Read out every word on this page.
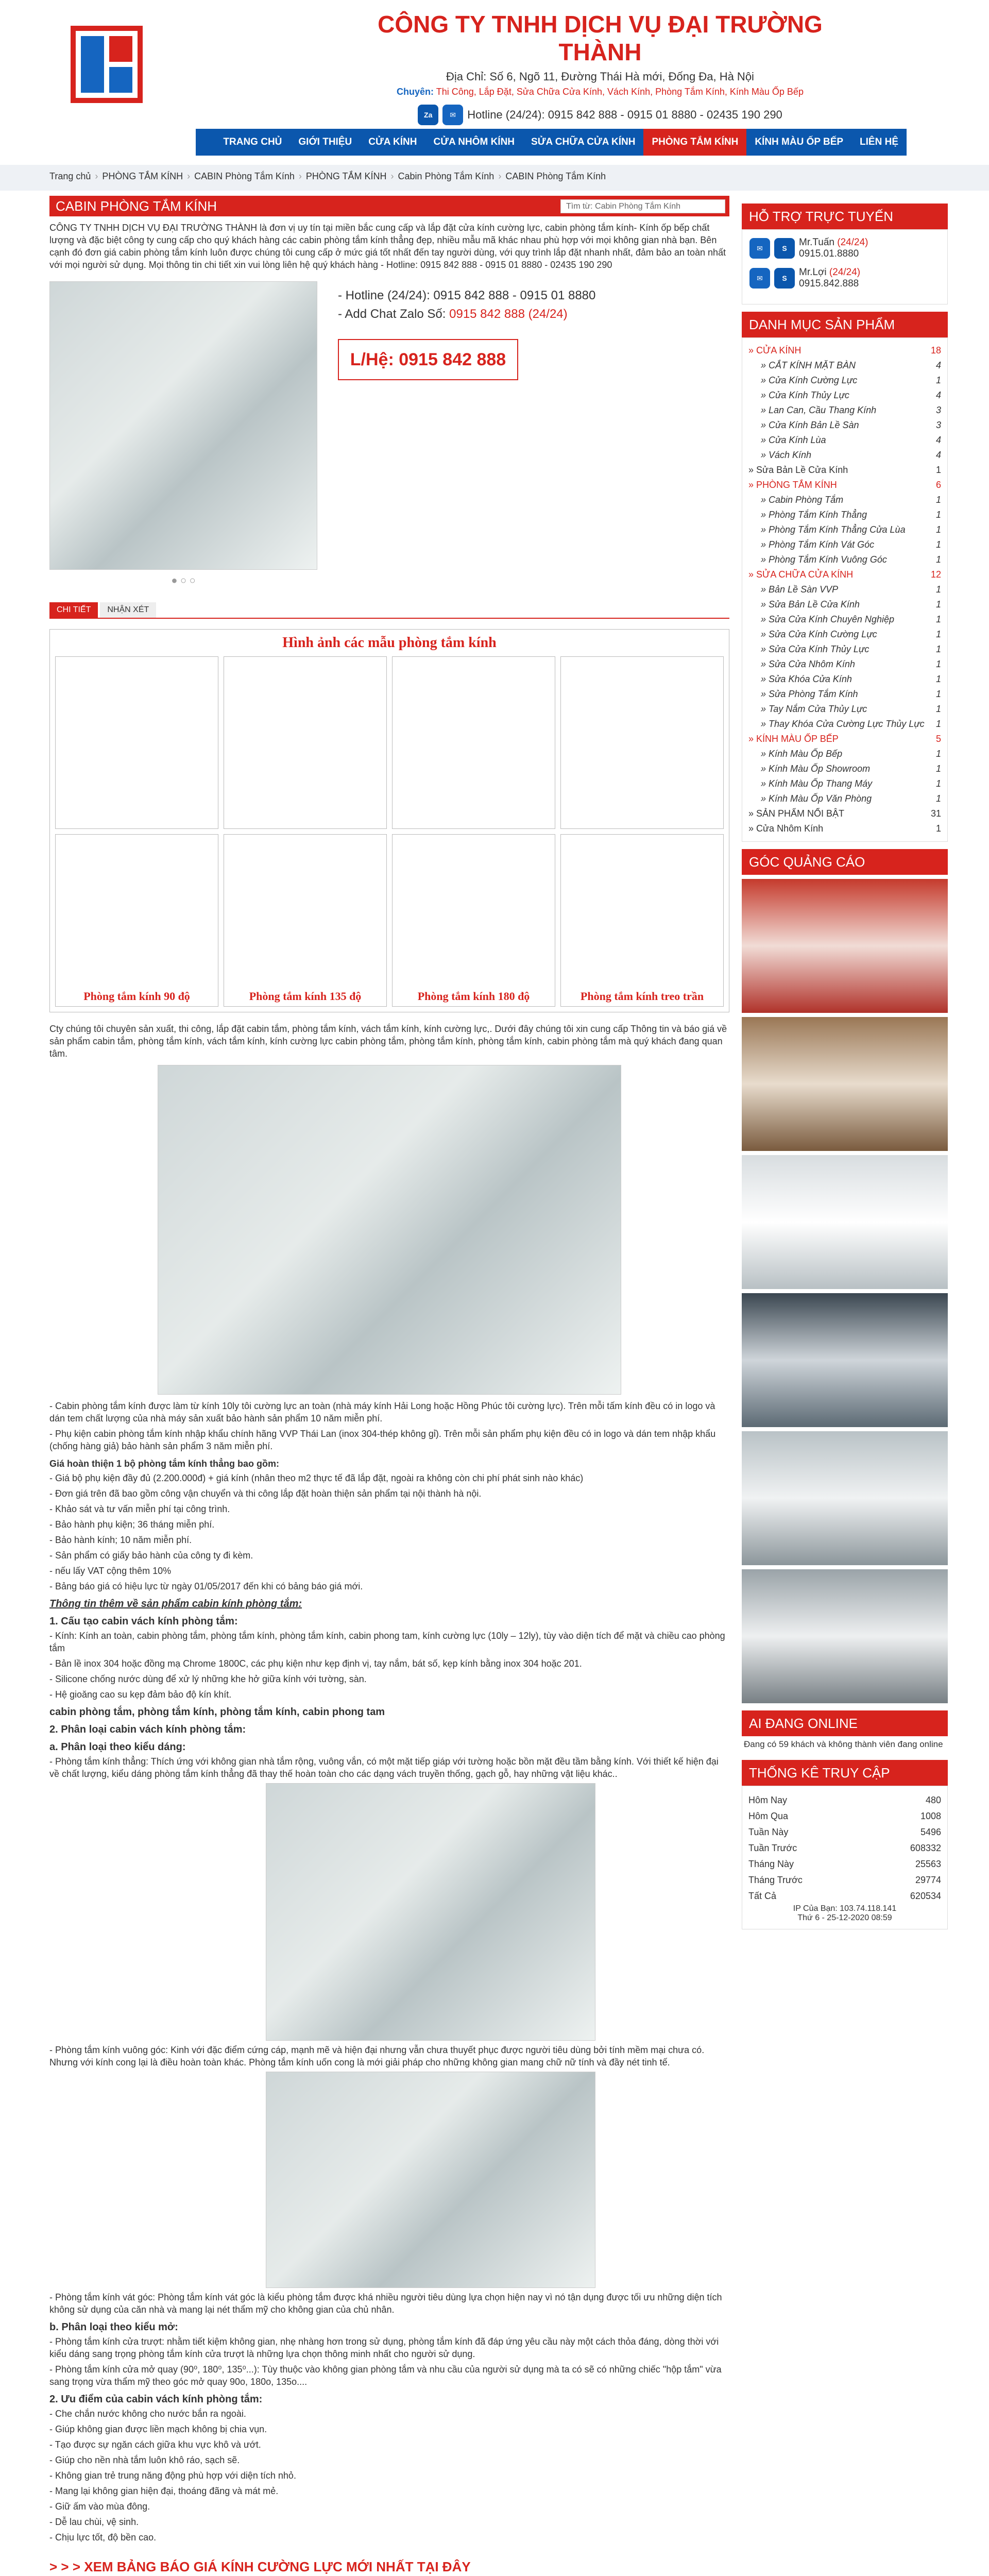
CÔNG TY TNHH DỊCH VỤ ĐẠI TRƯỜNG THÀNH
Địa Chỉ: Số 6, Ngõ 11, Đường Thái Hà mới, Đống Đa, Hà Nội
Chuyên: Thi Công, Lắp Đặt, Sửa Chữa Cửa Kính, Vách Kính, Phòng Tắm Kính, Kính Màu Ốp Bếp
Za	✉	Hotline (24/24): 0915 842 888 - 0915 01 8880 - 02435 190 290
TRANG CHỦ	GIỚI THIỆU	CỬA KÍNH	CỬA NHÔM KÍNH	SỬA CHỮA CỬA KÍNH	PHÒNG TẮM KÍNH	KÍNH MÀU ỐP BẾP	LIÊN HỆ
Trang chủ › PHÒNG TẮM KÍNH › CABIN Phòng Tắm Kính › PHÒNG TẮM KÍNH › Cabin Phòng Tắm Kính › CABIN Phòng Tắm Kính
CABIN PHÒNG TẮM KÍNH	Tìm từ: Cabin Phòng Tắm Kính
CÔNG TY TNHH DỊCH VỤ ĐẠI TRƯỜNG THÀNH là đơn vị uy tín tại miền bắc cung cấp và lắp đặt cửa kính cường lực, cabin phòng tắm kính- Kính ốp bếp chất lượng và đặc biệt công ty cung cấp cho quý khách hàng các cabin phòng tắm kính thẳng đẹp, nhiều mẫu mã khác nhau phù hợp với mọi không gian nhà bạn. Bên cạnh đó đơn giá cabin phòng tắm kính luôn được chúng tôi cung cấp ở mức giá tốt nhất đến tay người dùng, với quy trình lắp đặt nhanh nhất, đảm bảo an toàn nhất với mọi người sử dụng. Mọi thông tin chi tiết xin vui lòng liên hệ quý khách hàng - Hotline: 0915 842 888 - 0915 01 8880 - 02435 190 290
● ○ ○
- Hotline (24/24): 0915 842 888 - 0915 01 8880
- Add Chat Zalo Số: 0915 842 888 (24/24)
L/Hệ: 0915 842 888
CHI TIẾT	NHẬN XÉT
Hình ảnh các mẫu phòng tắm kính
Phòng tắm kính 90 độ	Phòng tắm kính 135 độ	Phòng tắm kính 180 độ	Phòng tắm kính treo trần

Cty chúng tôi chuyên sản xuất, thi công, lắp đặt cabin tắm, phòng tắm kính, vách tắm kính, kính cường lực,. Dưới đây chúng tôi xin cung cấp Thông tin và báo giá về sản phẩm cabin tắm, phòng tắm kính, vách tắm kính, kính cường lực cabin phòng tắm, phòng tắm kính, phòng tắm kính, cabin phòng tắm mà quý khách đang quan tâm.

- Cabin phòng tắm kính được làm từ kính 10ly tôi cường lực an toàn (nhà máy kính Hải Long hoặc Hồng Phúc tôi cường lực). Trên mỗi tấm kính đều có in logo và dán tem chất lượng của nhà máy sản xuất bảo hành sản phẩm 10 năm miễn phí.

- Phụ kiện cabin phòng tắm kính nhập khẩu chính hãng VVP Thái Lan (inox 304-thép không gỉ). Trên mỗi sản phẩm phụ kiện đều có in logo và dán tem nhập khẩu (chống hàng giả) bảo hành sản phẩm 3 năm miễn phí.

Giá hoàn thiện 1 bộ phòng tắm kính thẳng bao gồm:

- Giá bộ phụ kiện đầy đủ (2.200.000đ) + giá kính (nhân theo m2 thực tế đã lắp đặt, ngoài ra không còn chi phí phát sinh nào khác)

- Đơn giá trên đã bao gồm công vận chuyển và thi công lắp đặt hoàn thiện sản phẩm tại nội thành hà nội.

- Khảo sát và tư vấn miễn phí tại công trình.

- Bảo hành phụ kiện; 36 tháng miễn phí.

- Bảo hành kính; 10 năm miễn phí.

- Sản phẩm có giấy bảo hành của công ty đi kèm.

- nếu lấy VAT cộng thêm 10%

- Bảng báo giá có hiệu lực từ ngày 01/05/2017 đến khi có bảng báo giá mới.

Thông tin thêm về sản phẩm cabin kính phòng tắm:

1. Cấu tạo cabin vách kính phòng tắm:

- Kính: Kính an toàn, cabin phòng tắm, phòng tắm kính, phòng tắm kính, cabin phong tam, kính cường lực (10ly – 12ly), tùy vào diện tích để mặt và chiều cao phòng tắm

- Bản lề inox 304 hoặc đồng mạ Chrome 1800C, các phụ kiện như kẹp định vị, tay nắm, bát số, kẹp kính bằng inox 304 hoặc 201.

- Silicone chống nước dùng để xử lý những khe hở giữa kính với tường, sàn.

- Hệ gioăng cao su kẹp đảm bảo độ kín khít.

cabin phòng tắm, phòng tắm kính, phòng tắm kính, cabin phong tam

2. Phân loại cabin vách kính phòng tắm:

a. Phân loại theo kiểu dáng:

- Phòng tắm kính thẳng: Thích ứng với không gian nhà tắm rộng, vuông vắn, có một mặt tiếp giáp với tường hoặc bồn mặt đều tầm bằng kính. Với thiết kế hiện đại về chất lượng, kiểu dáng phòng tắm kính thẳng đã thay thế hoàn toàn cho các dạng vách truyền thống, gạch gỗ, hay những vật liệu khác..

- Phòng tắm kính vuông góc: Kinh với đặc điểm cứng cáp, mạnh mẽ và hiện đại nhưng vẫn chưa thuyết phục được người tiêu dùng bởi tính mềm mại chưa có. Nhưng với kính cong lại là điều hoàn toàn khác. Phòng tắm kính uốn cong là mới giải pháp cho những không gian mang chữ nữ tính và đầy nét tinh tế.

- Phòng tắm kính vát góc: Phòng tắm kính vát góc là kiểu phòng tắm được khá nhiều người tiêu dùng lựa chọn hiện nay vì nó tận dụng được tối ưu những diện tích không sử dụng của căn nhà và mang lại nét thẩm mỹ cho không gian của chủ nhân.

b. Phân loại theo kiểu mở:

- Phòng tắm kính cửa trượt: nhằm tiết kiệm không gian, nhẹ nhàng hơn trong sử dụng, phòng tắm kính đã đáp ứng yêu cầu này một cách thỏa đáng, dòng thời với kiểu dáng sang trọng phòng tắm kính cửa trượt là những lựa chọn thông minh nhất cho người sử dụng.

- Phòng tắm kính cửa mở quay (90⁰, 180⁰, 135⁰...): Tùy thuộc vào không gian phòng tắm và nhu cầu của người sử dụng mà ta có sẽ có những chiếc "hộp tắm" vừa sang trọng vừa thẩm mỹ theo góc mở quay 90o, 180o, 135o....

2. Ưu điểm của cabin vách kính phòng tắm:

- Che chắn nước không cho nước bắn ra ngoài.

- Giúp không gian được liền mạch không bị chia vụn.

- Tạo được sự ngăn cách giữa khu vực khô và ướt.

- Giúp cho nền nhà tắm luôn khô ráo, sạch sẽ.

- Không gian trẻ trung năng động phù hợp với diện tích nhỏ.

- Mang lại không gian hiện đại, thoáng đãng và mát mẻ.

- Giữ ấm vào mùa đông.

- Dễ lau chùi, vệ sinh.

- Chịu lực tốt, độ bền cao.

> > > XEM BẢNG BÁO GIÁ KÍNH CƯỜNG LỰC MỚI NHẤT TẠI ĐÂY
HỖ TRỢ TRỰC TUYẾN
✉	S
Mr.Tuấn (24/24)
0915.01.8880
✉	S
Mr.Lợi (24/24)
0915.842.888
DANH MỤC SẢN PHẨM
» CỬA KÍNH	18
» CẮT KÍNH MẶT BÀN	4
» Cửa Kính Cường Lực	1
» Cửa Kính Thủy Lực	4
» Lan Can, Cầu Thang Kính	3
» Cửa Kính Bản Lề Sàn	3
» Cửa Kính Lùa	4
» Vách Kính	4
» Sửa Bản Lề Cửa Kính	1
» PHÒNG TẮM KÍNH	6
» Cabin Phòng Tắm	1
» Phòng Tắm Kính Thẳng	1
» Phòng Tắm Kính Thẳng Cửa Lùa	1
» Phòng Tắm Kính Vát Góc	1
» Phòng Tắm Kính Vuông Góc	1
» SỬA CHỮA CỬA KÍNH	12
» Bản Lề Sàn VVP	1
» Sửa Bản Lề Cửa Kính	1
» Sửa Cửa Kính Chuyên Nghiệp	1
» Sửa Cửa Kính Cường Lực	1
» Sửa Cửa Kính Thủy Lực	1
» Sửa Cửa Nhôm Kính	1
» Sửa Khóa Cửa Kính	1
» Sửa Phòng Tắm Kính	1
» Tay Nắm Cửa Thủy Lực	1
» Thay Khóa Cửa Cường Lực Thủy Lực 1
» KÍNH MÀU ỐP BẾP	5
» Kính Màu Ốp Bếp	1
» Kính Màu Ốp Showroom	1
» Kính Màu Ốp Thang Máy	1
» Kính Màu Ốp Văn Phòng	1
» SẢN PHẨM NỔI BẬT	31
» Cửa Nhôm Kính	1
GÓC QUẢNG CÁO
AI ĐANG ONLINE
Đang có 59 khách và không thành viên đang online
THỐNG KÊ TRUY CẬP
Hôm Nay	480
Hôm Qua	1008
Tuần Này	5496
Tuần Trước	608332
Tháng Này	25563
Tháng Trước	29774
Tất Cả	620534
IP Của Bạn: 103.74.118.141
Thứ 6 - 25-12-2020 08:59
